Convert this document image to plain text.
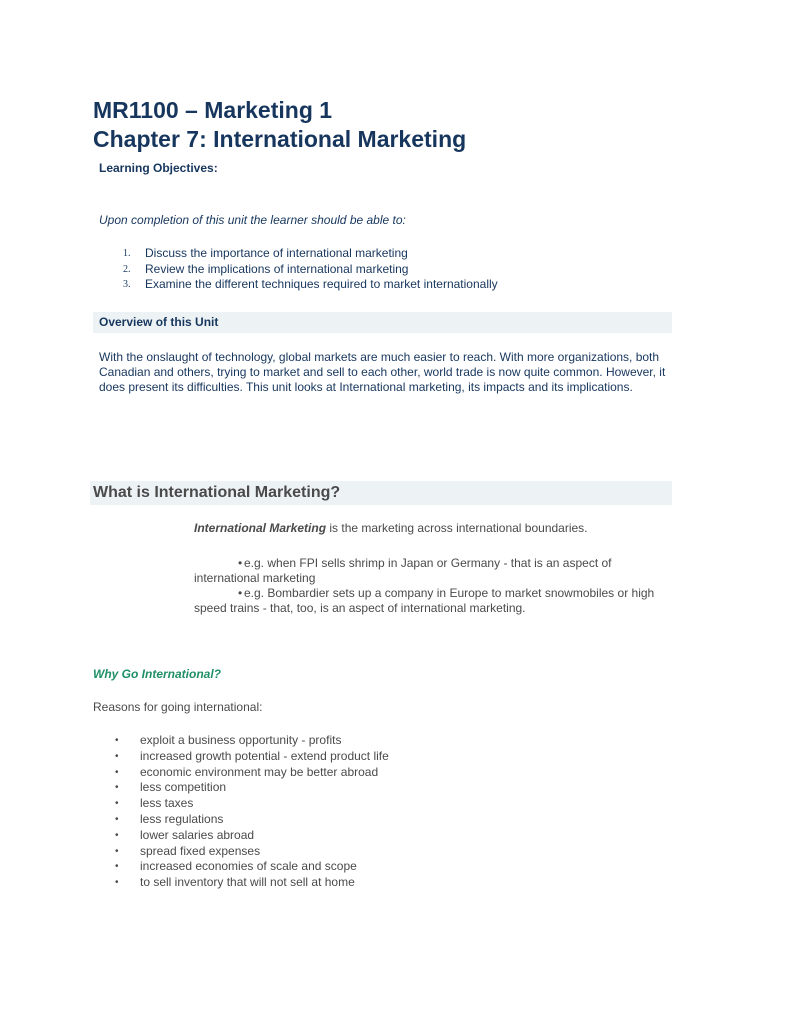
MR1100 – Marketing 1
Chapter 7: International Marketing
Learning Objectives:
Upon completion of this unit the learner should be able to:
1. Discuss the importance of international marketing
2. Review the implications of international marketing
3. Examine the different techniques required to market internationally
Overview of this Unit
With the onslaught of technology, global markets are much easier to reach. With more organizations, both Canadian and others, trying to market and sell to each other, world trade is now quite common. However, it does present its difficulties. This unit looks at International marketing, its impacts and its implications.
What is International Marketing?
International Marketing is the marketing across international boundaries.
• e.g. when FPI sells shrimp in Japan or Germany - that is an aspect of international marketing
• e.g. Bombardier sets up a company in Europe to market snowmobiles or high speed trains - that, too, is an aspect of international marketing.
Why Go International?
Reasons for going international:
• exploit a business opportunity - profits
• increased growth potential - extend product life
• economic environment may be better abroad
• less competition
• less taxes
• less regulations
• lower salaries abroad
• spread fixed expenses
• increased economies of scale and scope
• to sell inventory that will not sell at home
